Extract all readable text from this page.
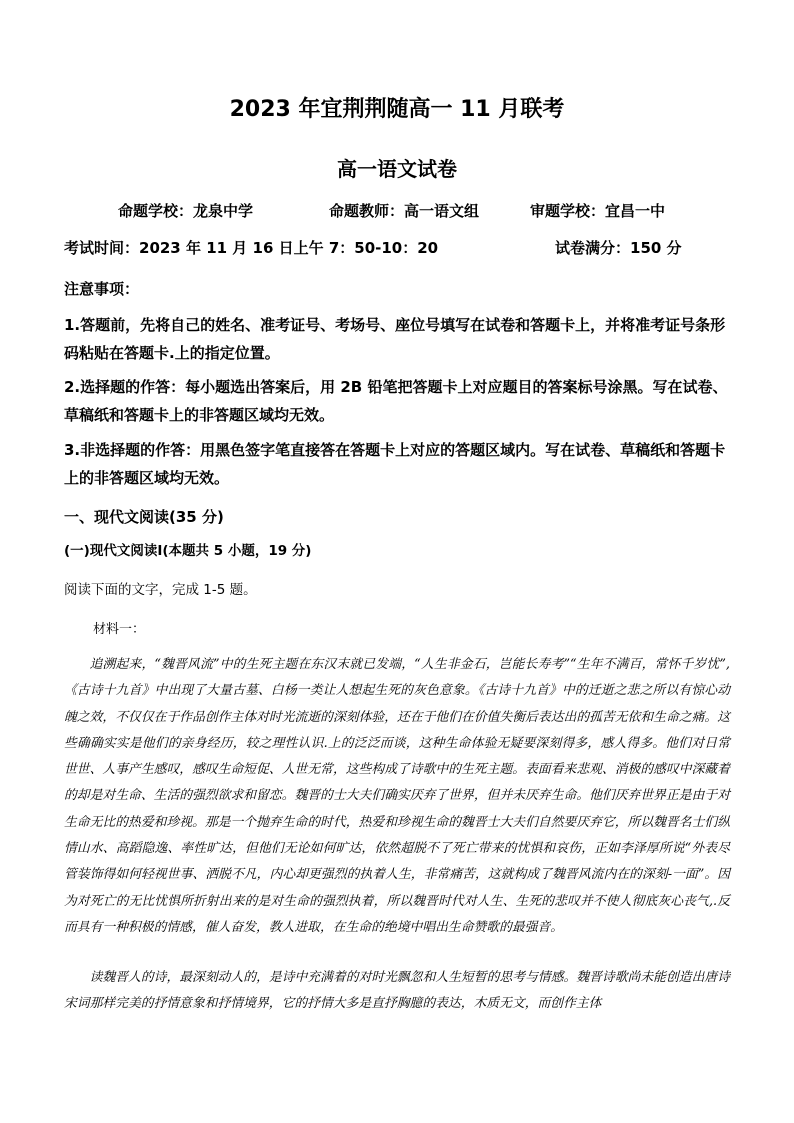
2023 年宜荆荆随高一 11 月联考
高一语文试卷
命题学校：龙泉中学	命题教师：高一语文组	审题学校：宜昌一中
考试时间：2023 年 11 月 16 日上午 7：50-10：20	试卷满分：150 分
注意事项：
1.答题前，先将自己的姓名、准考证号、考场号、座位号填写在试卷和答题卡上，并将准考证号条形码粘贴在答题卡.上的指定位置。
2.选择题的作答：每小题选出答案后，用 2B 铅笔把答题卡上对应题目的答案标号涂黑。写在试卷、草稿纸和答题卡上的非答题区域均无效。
3.非选择题的作答：用黑色签字笔直接答在答题卡上对应的答题区域内。写在试卷、草稿纸和答题卡上的非答题区域均无效。
一、现代文阅读(35 分)
(一)现代文阅读Ⅰ(本题共 5 小题，19 分)
阅读下面的文字，完成 1-5 题。
材料一：
追溯起来，“魏晋风流”中的生死主题在东汉末就已发端，“人生非金石，岂能长寿考”“生年不满百，常怀千岁忧”,《古诗十九首》中出现了大量古墓、白杨一类让人想起生死的灰色意象。《古诗十九首》中的迁逝之悲之所以有惊心动魄之效，不仅仅在于作品创作主体对时光流逝的深刻体验，还在于他们在价值失衡后表达出的孤苦无依和生命之痛。这些确确实实是他们的亲身经历，较之理性认识.上的泛泛而谈，这种生命体验无疑要深刻得多，感人得多。他们对日常世世、人事产生感叹，感叹生命短促、人世无常，这些构成了诗歌中的生死主题。表面看来悲观、消极的感叹中深藏着的却是对生命、生活的强烈欲求和留恋。魏晋的士大夫们确实厌弃了世界，但并未厌弃生命。他们厌弃世界正是由于对生命无比的热爱和珍视。那是一个抛弃生命的时代，热爱和珍视生命的魏晋士大夫们自然要厌弃它，所以魏晋名士们纵情山水、高蹈隐逸、率性旷达，但他们无论如何旷达，依然超脱不了死亡带来的忧惧和哀伤，正如李泽厚所说“外表尽管装饰得如何轻视世事、洒脱不凡，内心却更强烈的执着人生，非常痛苦，这就构成了魏晋风流内在的深刻-一面”。因为对死亡的无比忧惧所折射出来的是对生命的强烈执着，所以魏晋时代对人生、生死的悲叹并不使人彻底灰心丧气,.反而具有一种积极的情感，催人奋发，教人进取，在生命的绝境中唱出生命赞歌的最强音。
读魏晋人的诗，最深刻动人的，是诗中充满着的对时光飘忽和人生短暂的思考与情感。魏晋诗歌尚未能创造出唐诗宋词那样完美的抒情意象和抒情境界，它的抒情大多是直抒胸臆的表达，木质无文，而创作主体
